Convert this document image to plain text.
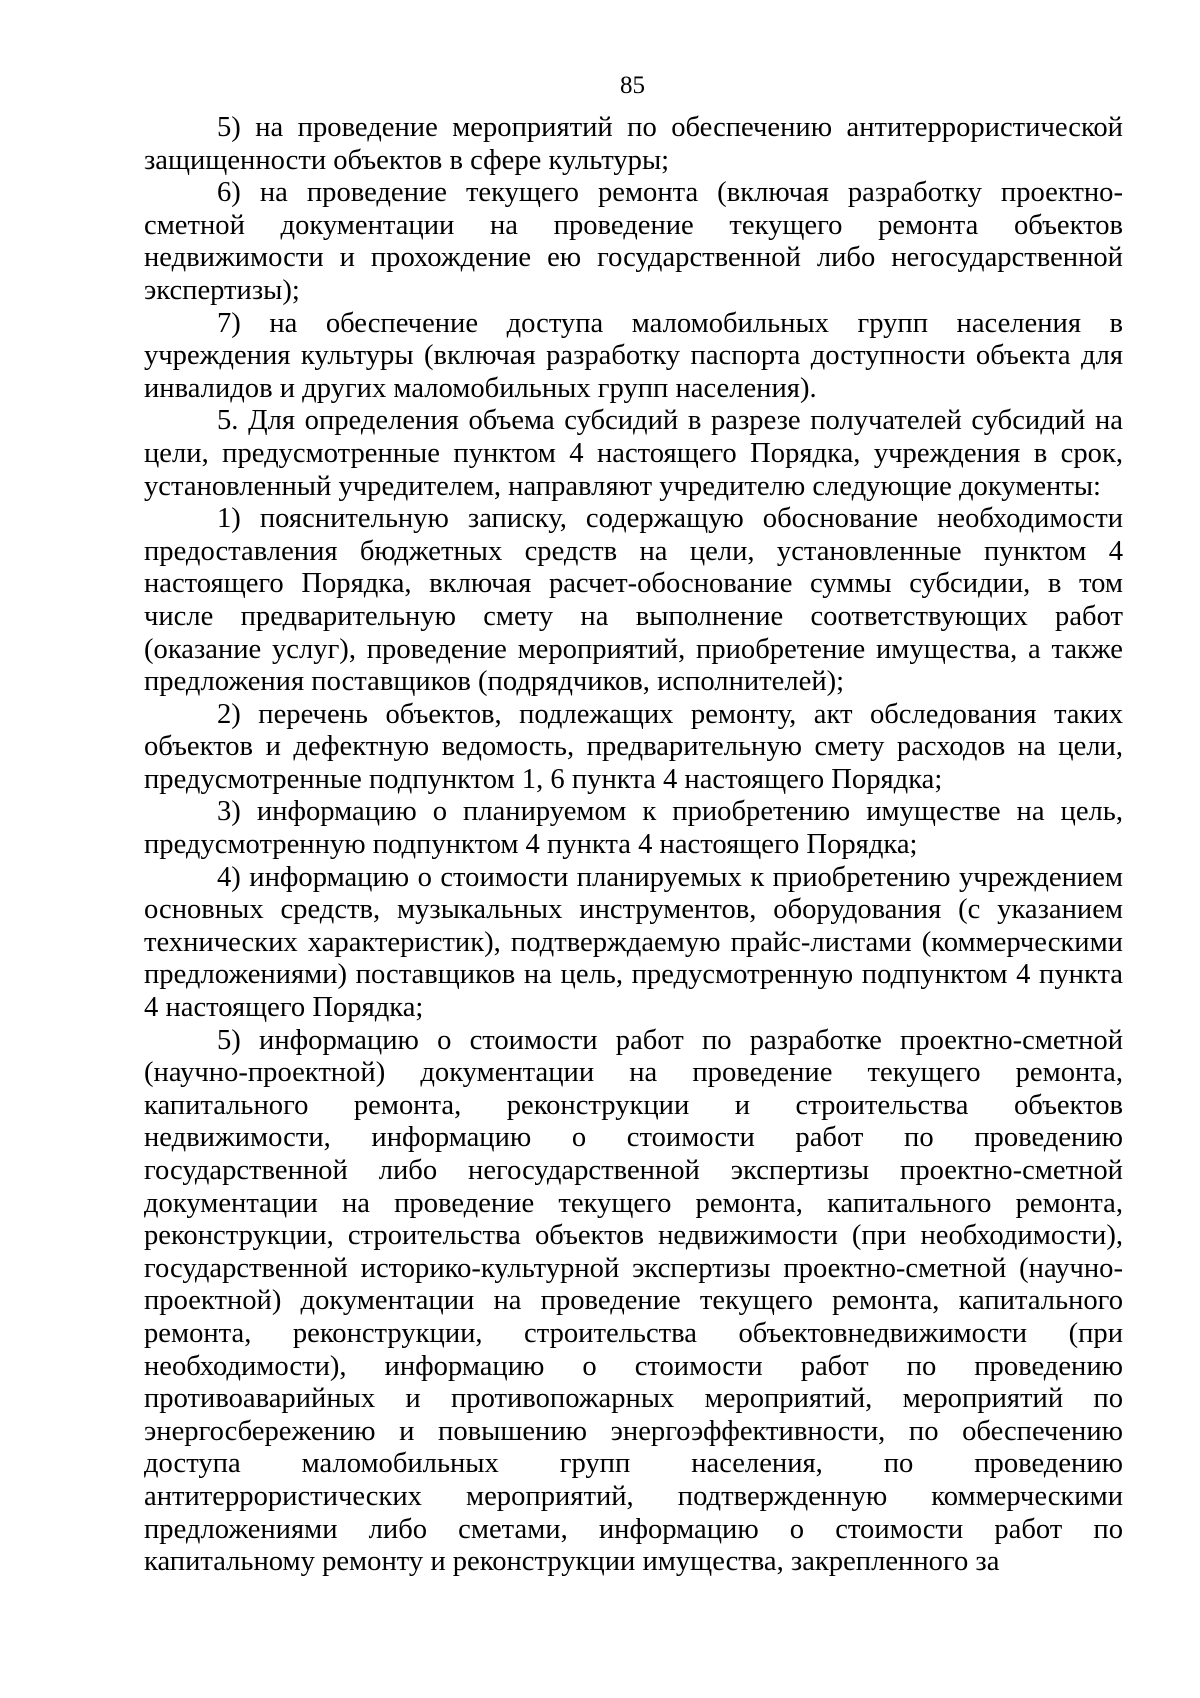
85

5) на проведение мероприятий по обеспечению антитеррористической защищенности объектов в сфере культуры;

6) на проведение текущего ремонта (включая разработку проектно-сметной документации на проведение текущего ремонта объектов недвижимости и прохождение ею государственной либо негосударственной экспертизы);

7) на обеспечение доступа маломобильных групп населения в учреждения культуры (включая разработку паспорта доступности объекта для инвалидов и других маломобильных групп населения).

5. Для определения объема субсидий в разрезе получателей субсидий на цели, предусмотренные пунктом 4 настоящего Порядка, учреждения в срок, установленный учредителем, направляют учредителю следующие документы:

1) пояснительную записку, содержащую обоснование необходимости предоставления бюджетных средств на цели, установленные пунктом 4 настоящего Порядка, включая расчет-обоснование суммы субсидии, в том числе предварительную смету на выполнение соответствующих работ (оказание услуг), проведение мероприятий, приобретение имущества, а также предложения поставщиков (подрядчиков, исполнителей);

2) перечень объектов, подлежащих ремонту, акт обследования таких объектов и дефектную ведомость, предварительную смету расходов на цели, предусмотренные подпунктом 1, 6 пункта 4 настоящего Порядка;

3) информацию о планируемом к приобретению имуществе на цель, предусмотренную подпунктом 4 пункта 4 настоящего Порядка;

4) информацию о стоимости планируемых к приобретению учреждением основных средств, музыкальных инструментов, оборудования (с указанием технических характеристик), подтверждаемую прайс-листами (коммерческими предложениями) поставщиков на цель, предусмотренную подпунктом 4 пункта 4 настоящего Порядка;

5) информацию о стоимости работ по разработке проектно-сметной (научно-проектной) документации на проведение текущего ремонта, капитального ремонта, реконструкции и строительства объектов недвижимости, информацию о стоимости работ по проведению государственной либо негосударственной экспертизы проектно-сметной документации на проведение текущего ремонта, капитального ремонта, реконструкции, строительства объектов недвижимости (при необходимости), государственной историко-культурной экспертизы проектно-сметной (научно-проектной) документации на проведение текущего ремонта, капитального ремонта, реконструкции, строительства объектовнедвижимости (при необходимости), информацию о стоимости работ по проведению противоаварийных и противопожарных мероприятий, мероприятий по энергосбережению и повышению энергоэффективности, по обеспечению доступа маломобильных групп населения, по проведению антитеррористических мероприятий, подтвержденную коммерческими предложениями либо сметами, информацию о стоимости работ по капитальному ремонту и реконструкции имущества, закрепленного за
